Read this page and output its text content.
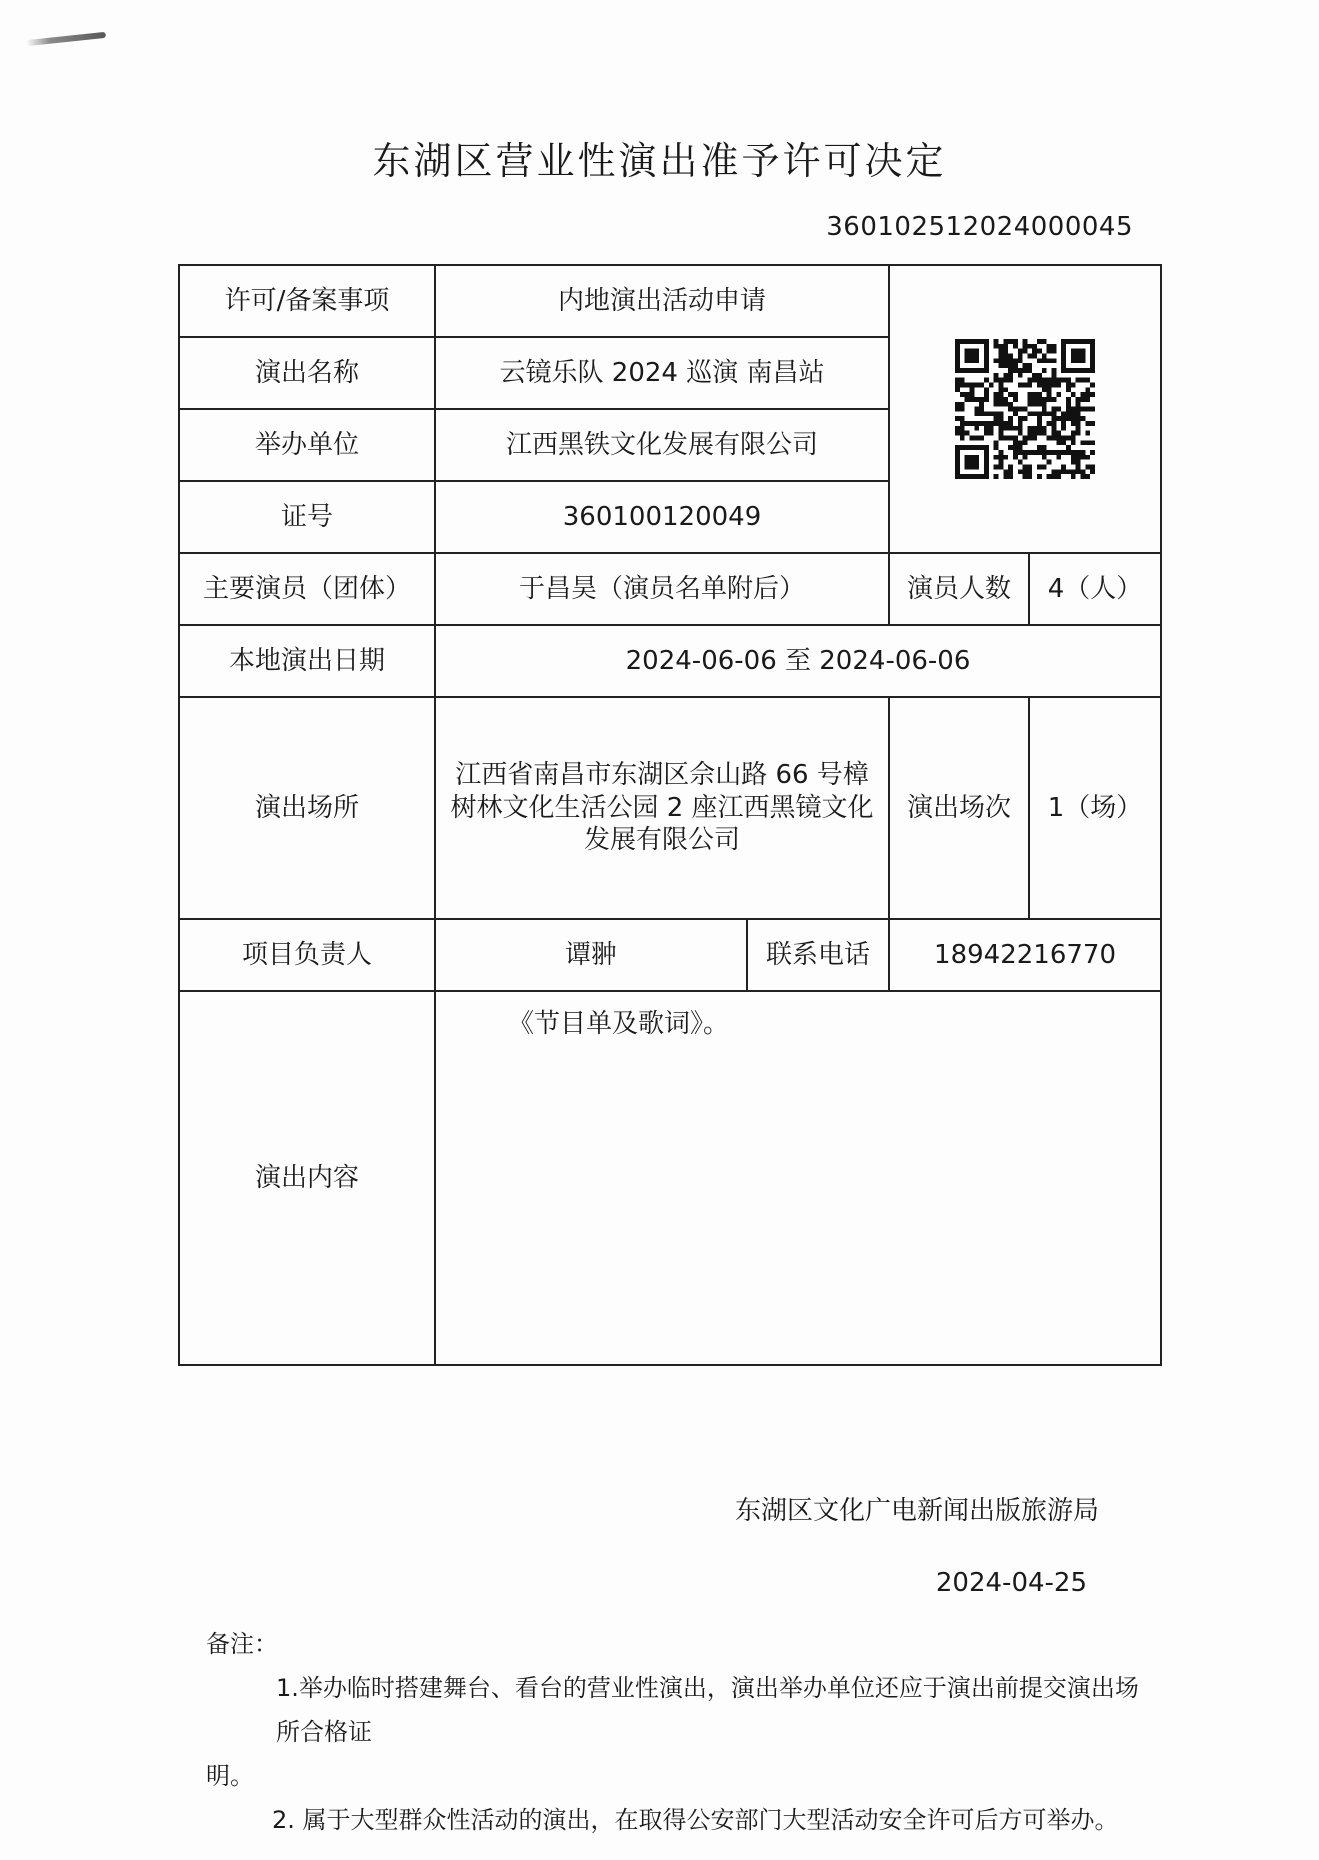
东湖区营业性演出准予许可决定
360102512024000045
许可/备案事项	内地演出活动申请	

演出名称	云镜乐队 2024 巡演 南昌站			
举办单位	江西黑铁文化发展有限公司			
证号	360100120049			
主要演员（团体）	于昌昊（演员名单附后）		演员人数	4（人）
本地演出日期	2024-06-06 至 2024-06-06			
演出场所	江西省南昌市东湖区佘山路 66 号樟
树林文化生活公园 2 座江西黑镜文化
发展有限公司		演出场次	1（场）
项目负责人	谭翀	联系电话	18942216770	
演出内容	《节目单及歌词》。			
东湖区文化广电新闻出版旅游局
2024-04-25
备注：
1.举办临时搭建舞台、看台的营业性演出，演出举办单位还应于演出前提交演出场所合格证
明。
2. 属于大型群众性活动的演出，在取得公安部门大型活动安全许可后方可举办。
